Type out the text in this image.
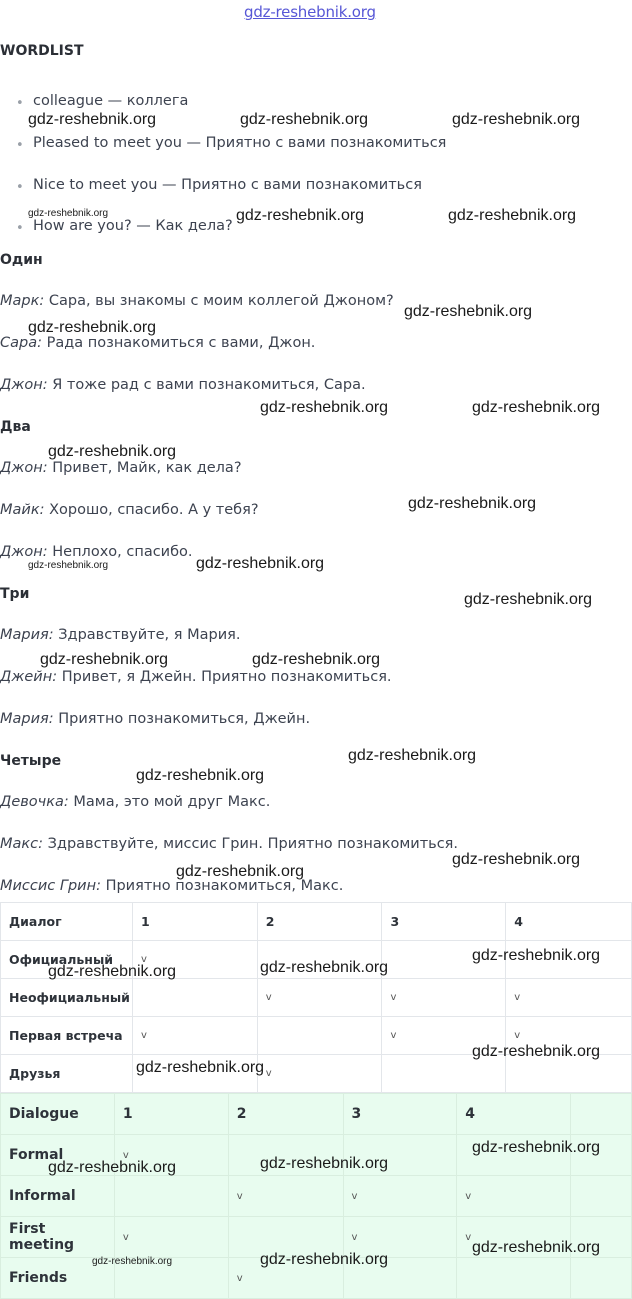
gdz-reshebnik.org
WORDLIST
• colleague — коллега
• Pleased to meet you — Приятно с вами познакомиться
• Nice to meet you — Приятно с вами познакомиться
• How are you? — Как дела?
Один
Марк: Сара, вы знакомы с моим коллегой Джоном?
Сара: Рада познакомиться с вами, Джон.
Джон: Я тоже рад с вами познакомиться, Сара.
Два
Джон: Привет, Майк, как дела?
Майк: Хорошо, спасибо. А у тебя?
Джон: Неплохо, спасибо.
Три
Мария: Здравствуйте, я Мария.
Джейн: Привет, я Джейн. Приятно познакомиться.
Мария: Приятно познакомиться, Джейн.
Четыре
Девочка: Мама, это мой друг Макс.
Макс: Здравствуйте, миссис Грин. Приятно познакомиться.
Миссис Грин: Приятно познакомиться, Макс.
Диалог	1	2	3	4
Официальный	v			
Неофициальный		v	v	v
Первая встреча	v		v	v
Друзья		v		
Dialogue	1	2	3	4	
Formal	v				
Informal		v	v	v	
First meeting	v		v	v	
Friends		v			
gdz-reshebnik.org	gdz-reshebnik.org	gdz-reshebnik.org
gdz-reshebnik.org	gdz-reshebnik.org	gdz-reshebnik.org
gdz-reshebnik.org
gdz-reshebnik.org
gdz-reshebnik.org	gdz-reshebnik.org
gdz-reshebnik.org
gdz-reshebnik.org
gdz-reshebnik.org	gdz-reshebnik.org
gdz-reshebnik.org
gdz-reshebnik.org	gdz-reshebnik.org
gdz-reshebnik.org
gdz-reshebnik.org
gdz-reshebnik.org
gdz-reshebnik.org
gdz-reshebnik.org
gdz-reshebnik.org	gdz-reshebnik.org
gdz-reshebnik.org
gdz-reshebnik.org
gdz-reshebnik.org
gdz-reshebnik.org	gdz-reshebnik.org
gdz-reshebnik.org
gdz-reshebnik.org	gdz-reshebnik.org
